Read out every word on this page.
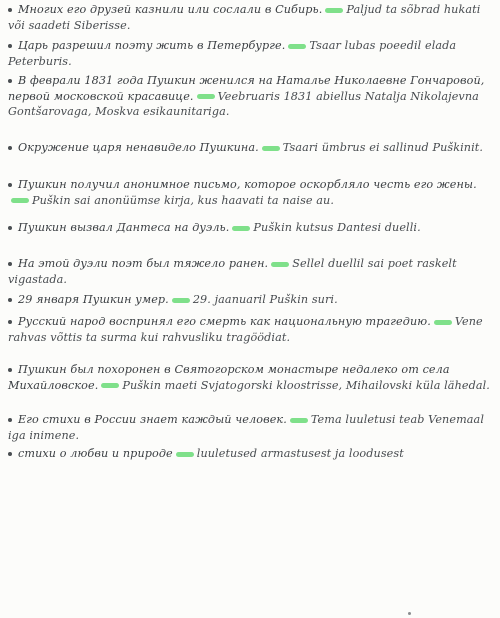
Многих его друзей казнили или сослали в Сибирь. Paljud ta sõbrad hukati või saadeti Siberisse.
Царь разрешил поэту жить в Петербурге. Tsaar lubas poeedil elada Peterburis.
В феврали 1831 года Пушкин женился на Наталье Николаевне Гончаровой, первой московской красавице. Veebruaris 1831 abiellus Natalja Nikolajevna Gontšarovaga, Moskva esikaunitariga.
Окружение царя ненавидело Пушкина. Tsaari ümbrus ei sallinud Puškinit.
Пушкин получил анонимное письмо, которое оскорбляло честь его жены.Puškin sai anonüümse kirja, kus haavati ta naise au.
Пушкин вызвал Дантеса на дуэль. Puškin kutsus Dantesi duelli.
На этой дуэли поэт был тяжело ранен. Sellel duellil sai poet raskelt vigastada.
29 января Пушкин умер. 29. jaanuaril Puškin suri.
Русский народ воспринял его смерть как национальную трагедию. Vene rahvas võttis ta surma kui rahvusliku tragöödiat.
Пушкин был похоронен в Святогорском монастыре недалеко от села Михайловское. Puškin maeti Svjatogorski kloostrisse, Mihailovski küla lähedal.
Его стихи в России знает каждый человек. Tema luuletusi teab Venemaal iga inimene.
стихи о любви и природе luuletused armastusest ja loodusest
